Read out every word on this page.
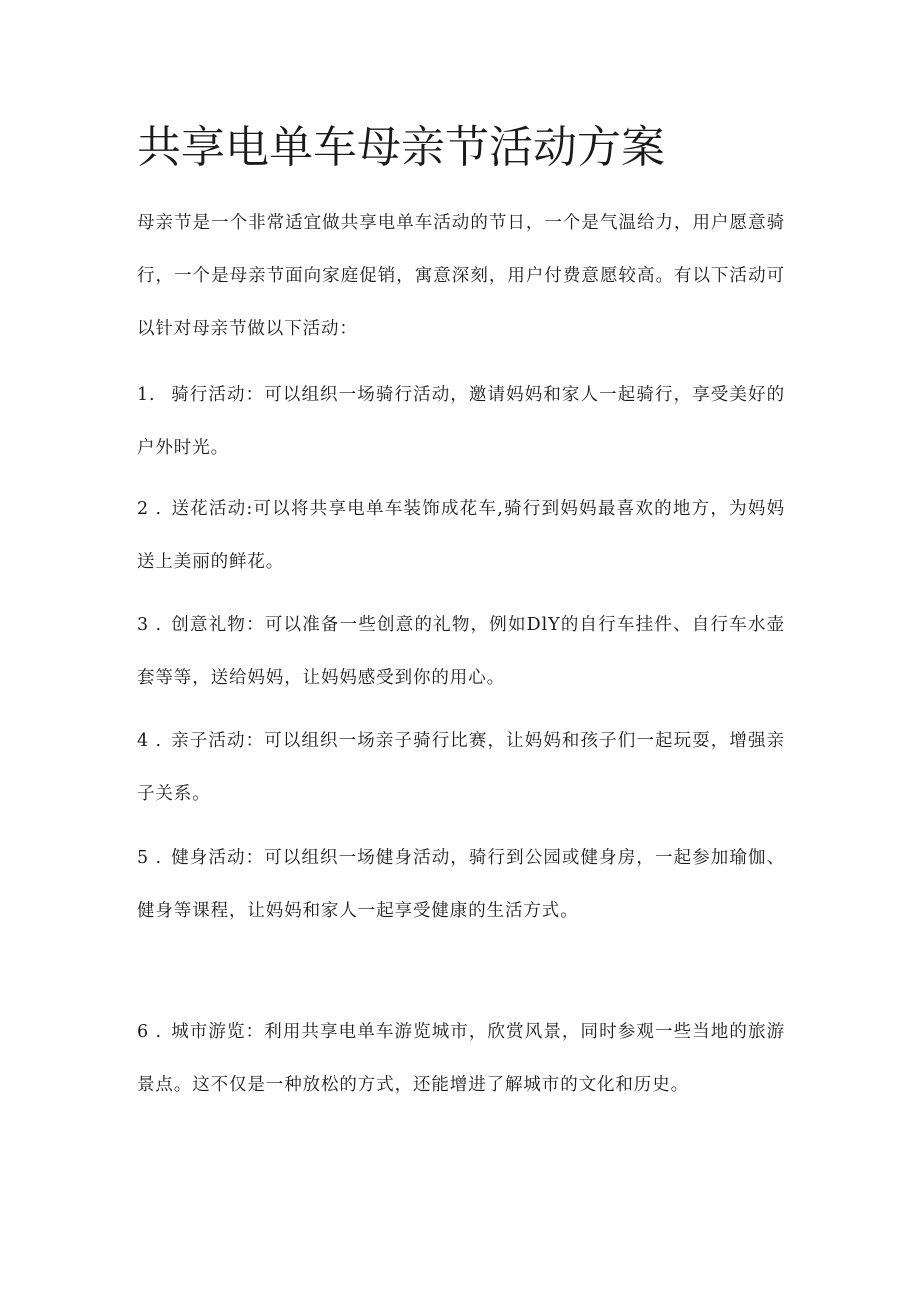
共享电单车母亲节活动方案

母亲节是一个非常适宜做共享电单车活动的节日，一个是气温给力，用户愿意骑行，一个是母亲节面向家庭促销，寓意深刻，用户付费意愿较高。有以下活动可以针对母亲节做以下活动：

1. 骑行活动：可以组织一场骑行活动，邀请妈妈和家人一起骑行，享受美好的户外时光。

2 . 送花活动:可以将共享电单车装饰成花车,骑行到妈妈最喜欢的地方，为妈妈送上美丽的鲜花。

3 . 创意礼物：可以准备一些创意的礼物，例如DlY的自行车挂件、自行车水壶套等等，送给妈妈，让妈妈感受到你的用心。

4 . 亲子活动：可以组织一场亲子骑行比赛，让妈妈和孩子们一起玩耍，增强亲子关系。

5 . 健身活动：可以组织一场健身活动，骑行到公园或健身房，一起参加瑜伽、健身等课程，让妈妈和家人一起享受健康的生活方式。

6 . 城市游览：利用共享电单车游览城市，欣赏风景，同时参观一些当地的旅游景点。这不仅是一种放松的方式，还能增进了解城市的文化和历史。
